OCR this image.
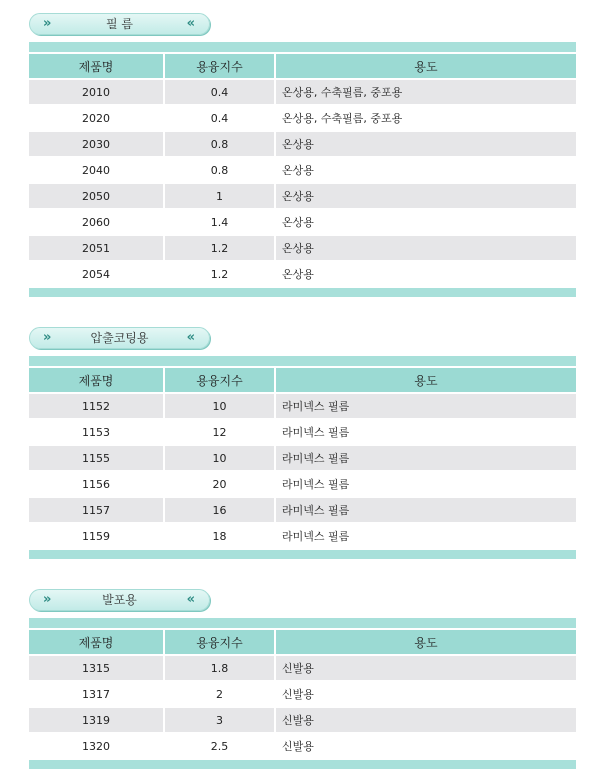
»	필 름	«
제품명	용융지수	용도
2010	0.4	온상용, 수축필름, 중포용
2020	0.4	온상용, 수축필름, 중포용
2030	0.8	온상용
2040	0.8	온상용
2050	1	온상용
2060	1.4	온상용
2051	1.2	온상용
2054	1.2	온상용
»	압출코팅용	«
제품명	용융지수	용도
1152	10	라미넥스 필름
1153	12	라미넥스 필름
1155	10	라미넥스 필름
1156	20	라미넥스 필름
1157	16	라미넥스 필름
1159	18	라미넥스 필름
»	발포용	«
제품명	용융지수	용도
1315	1.8	신발용
1317	2	신발용
1319	3	신발용
1320	2.5	신발용
